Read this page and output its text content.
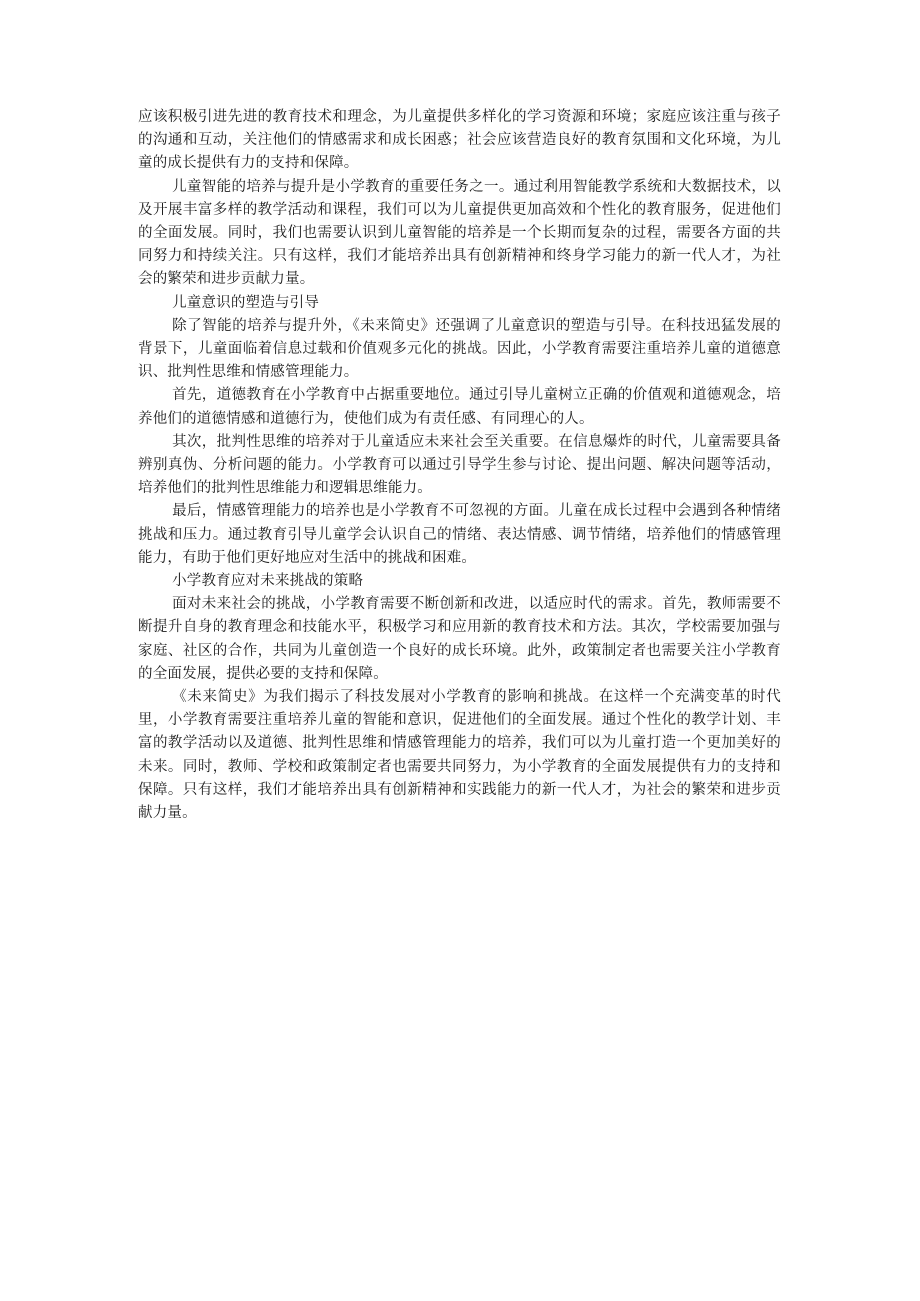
应该积极引进先进的教育技术和理念，为儿童提供多样化的学习资源和环境；家庭应该注重与孩子的沟通和互动，关注他们的情感需求和成长困惑；社会应该营造良好的教育氛围和文化环境，为儿童的成长提供有力的支持和保障。

儿童智能的培养与提升是小学教育的重要任务之一。通过利用智能教学系统和大数据技术，以及开展丰富多样的教学活动和课程，我们可以为儿童提供更加高效和个性化的教育服务，促进他们的全面发展。同时，我们也需要认识到儿童智能的培养是一个长期而复杂的过程，需要各方面的共同努力和持续关注。只有这样，我们才能培养出具有创新精神和终身学习能力的新一代人才，为社会的繁荣和进步贡献力量。

儿童意识的塑造与引导

除了智能的培养与提升外，《未来简史》还强调了儿童意识的塑造与引导。在科技迅猛发展的背景下，儿童面临着信息过载和价值观多元化的挑战。因此，小学教育需要注重培养儿童的道德意识、批判性思维和情感管理能力。

首先，道德教育在小学教育中占据重要地位。通过引导儿童树立正确的价值观和道德观念，培养他们的道德情感和道德行为，使他们成为有责任感、有同理心的人。

其次，批判性思维的培养对于儿童适应未来社会至关重要。在信息爆炸的时代，儿童需要具备辨别真伪、分析问题的能力。小学教育可以通过引导学生参与讨论、提出问题、解决问题等活动，培养他们的批判性思维能力和逻辑思维能力。

最后，情感管理能力的培养也是小学教育不可忽视的方面。儿童在成长过程中会遇到各种情绪挑战和压力。通过教育引导儿童学会认识自己的情绪、表达情感、调节情绪，培养他们的情感管理能力，有助于他们更好地应对生活中的挑战和困难。

小学教育应对未来挑战的策略

面对未来社会的挑战，小学教育需要不断创新和改进，以适应时代的需求。首先，教师需要不断提升自身的教育理念和技能水平，积极学习和应用新的教育技术和方法。其次，学校需要加强与家庭、社区的合作，共同为儿童创造一个良好的成长环境。此外，政策制定者也需要关注小学教育的全面发展，提供必要的支持和保障。

《未来简史》为我们揭示了科技发展对小学教育的影响和挑战。在这样一个充满变革的时代里，小学教育需要注重培养儿童的智能和意识，促进他们的全面发展。通过个性化的教学计划、丰富的教学活动以及道德、批判性思维和情感管理能力的培养，我们可以为儿童打造一个更加美好的未来。同时，教师、学校和政策制定者也需要共同努力，为小学教育的全面发展提供有力的支持和保障。只有这样，我们才能培养出具有创新精神和实践能力的新一代人才，为社会的繁荣和进步贡献力量。
